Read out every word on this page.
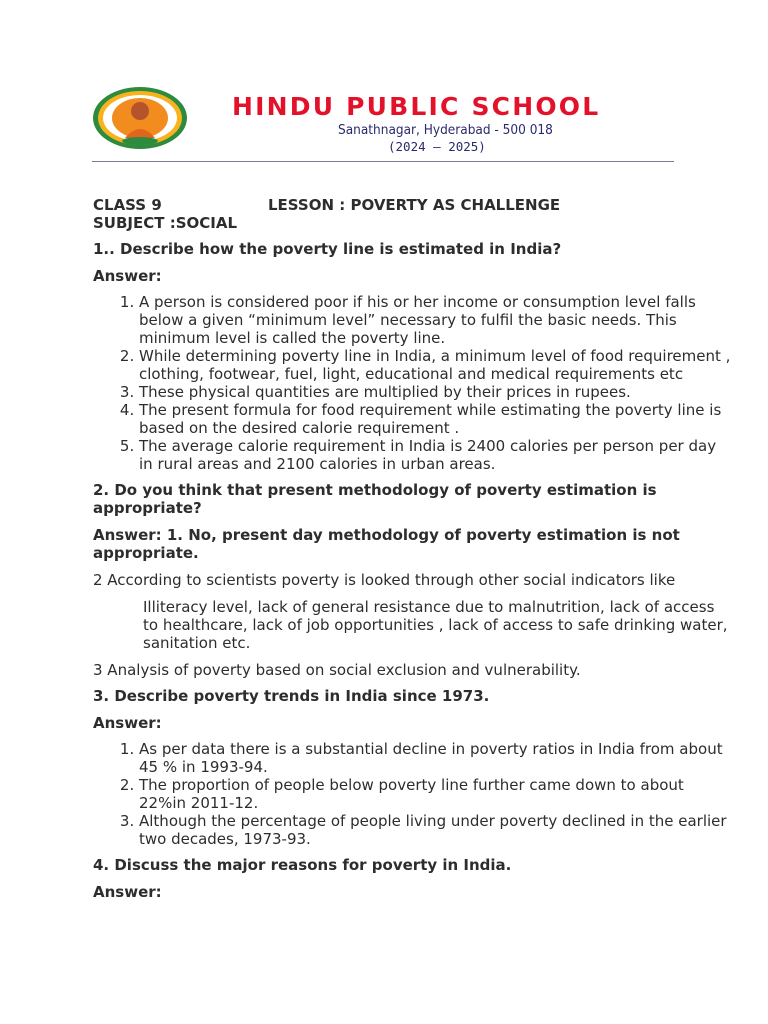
HINDU PUBLIC SCHOOL
Sanathnagar, Hyderabad - 500 018
(2024 – 2025)
CLASS 9	LESSON : POVERTY AS CHALLENGE

SUBJECT :SOCIAL

1.. Describe how the poverty line is estimated in India?

Answer:

1. A person is considered poor if his or her income or consumption level falls below a given “minimum level” necessary to fulfil the basic needs. This minimum level is called the poverty line.
2. While determining poverty line in India, a minimum level of food requirement , clothing, footwear, fuel, light, educational and medical requirements etc
3. These physical quantities are multiplied by their prices in rupees.
4. The present formula for food requirement while estimating the poverty line is based on the desired calorie requirement .
5. The average calorie requirement in India is 2400 calories per person per day in rural areas and 2100 calories in urban areas.

2. Do you think that present methodology of poverty estimation is appropriate?

Answer: 1. No, present day methodology of poverty estimation is not appropriate.

2 According to scientists poverty is looked through other social indicators like

Illiteracy level, lack of general resistance due to malnutrition, lack of access to healthcare, lack of job opportunities , lack of access to safe drinking water, sanitation etc.

3 Analysis of poverty based on social exclusion and vulnerability.

3. Describe poverty trends in India since 1973.

Answer:

1. As per data there is a substantial decline in poverty ratios in India from about 45 % in 1993-94.
2. The proportion of people below poverty line further came down to about 22%in 2011-12.
3. Although the percentage of people living under poverty declined in the earlier two decades, 1973-93.

4. Discuss the major reasons for poverty in India.

Answer:
